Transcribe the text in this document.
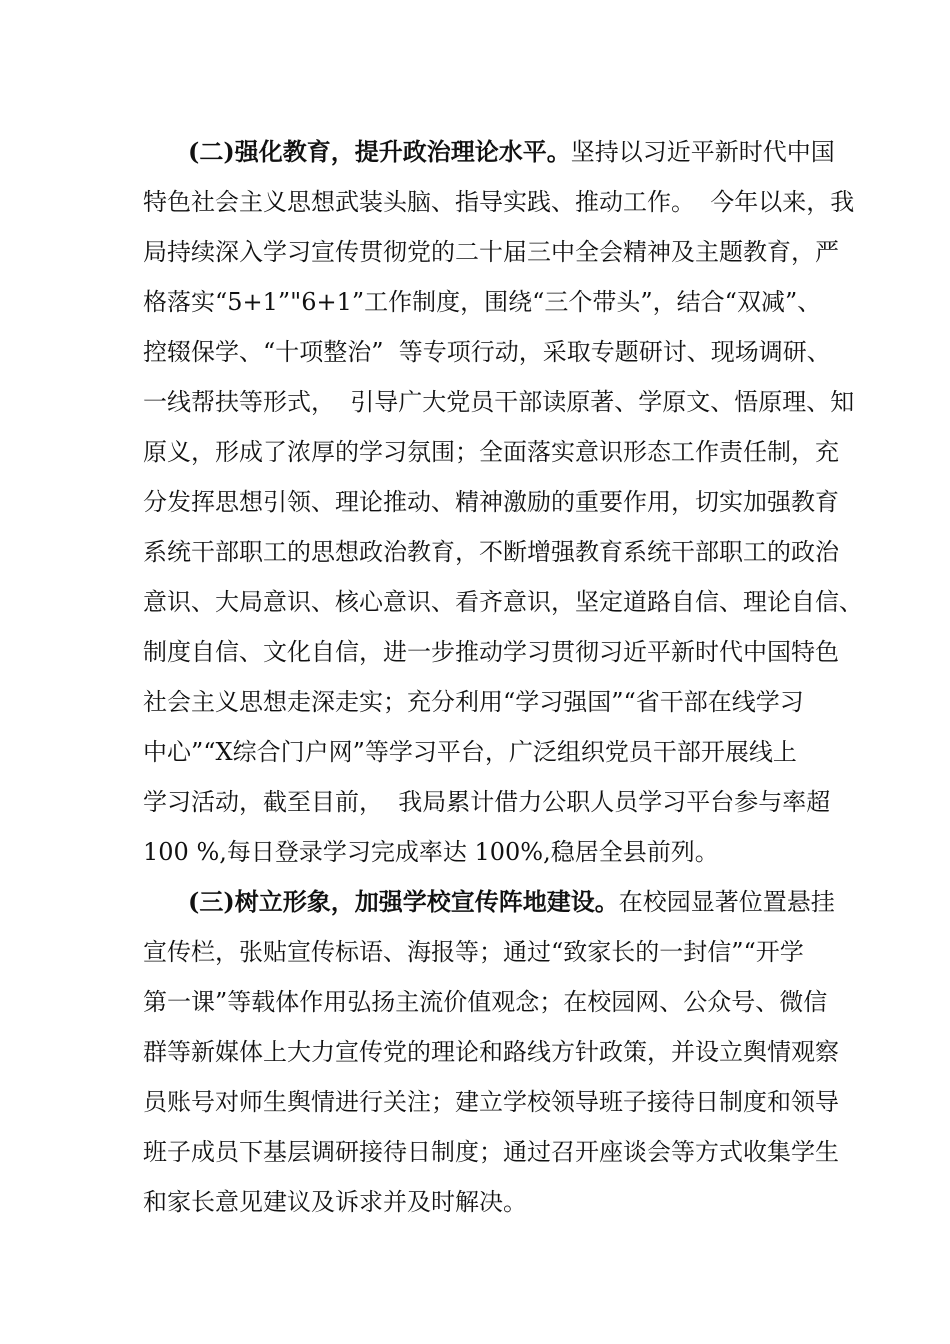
(二)强化教育，提升政治理论水平。坚持以习近平新时代中国
特色社会主义思想武装头脑、指导实践、推动工作。  今年以来，我
局持续深入学习宣传贯彻党的二十届三中全会精神及主题教育，严
格落实“5+1”"6+1”工作制度，围绕“三个带头”，结合“双减”、
控辍保学、“十项整治”  等专项行动，采取专题研讨、现场调研、
一线帮扶等形式，  引导广大党员干部读原著、学原文、悟原理、知
原义，形成了浓厚的学习氛围；全面落实意识形态工作责任制，充
分发挥思想引领、理论推动、精神激励的重要作用，切实加强教育
系统干部职工的思想政治教育，不断增强教育系统干部职工的政治
意识、大局意识、核心意识、看齐意识，坚定道路自信、理论自信、
制度自信、文化自信，进一步推动学习贯彻习近平新时代中国特色
社会主义思想走深走实；充分利用“学习强国”“省干部在线学习
中心”“X综合门户网”等学习平台，广泛组织党员干部开展线上
学习活动，截至目前，  我局累计借力公职人员学习平台参与率超
100 %,每日登录学习完成率达 100%,稳居全县前列。
(三)树立形象，加强学校宣传阵地建设。在校园显著位置悬挂
宣传栏，张贴宣传标语、海报等；通过“致家长的一封信”“开学
第一课”等载体作用弘扬主流价值观念；在校园网、公众号、微信
群等新媒体上大力宣传党的理论和路线方针政策，并设立舆情观察
员账号对师生舆情进行关注；建立学校领导班子接待日制度和领导
班子成员下基层调研接待日制度；通过召开座谈会等方式收集学生
和家长意见建议及诉求并及时解决。
